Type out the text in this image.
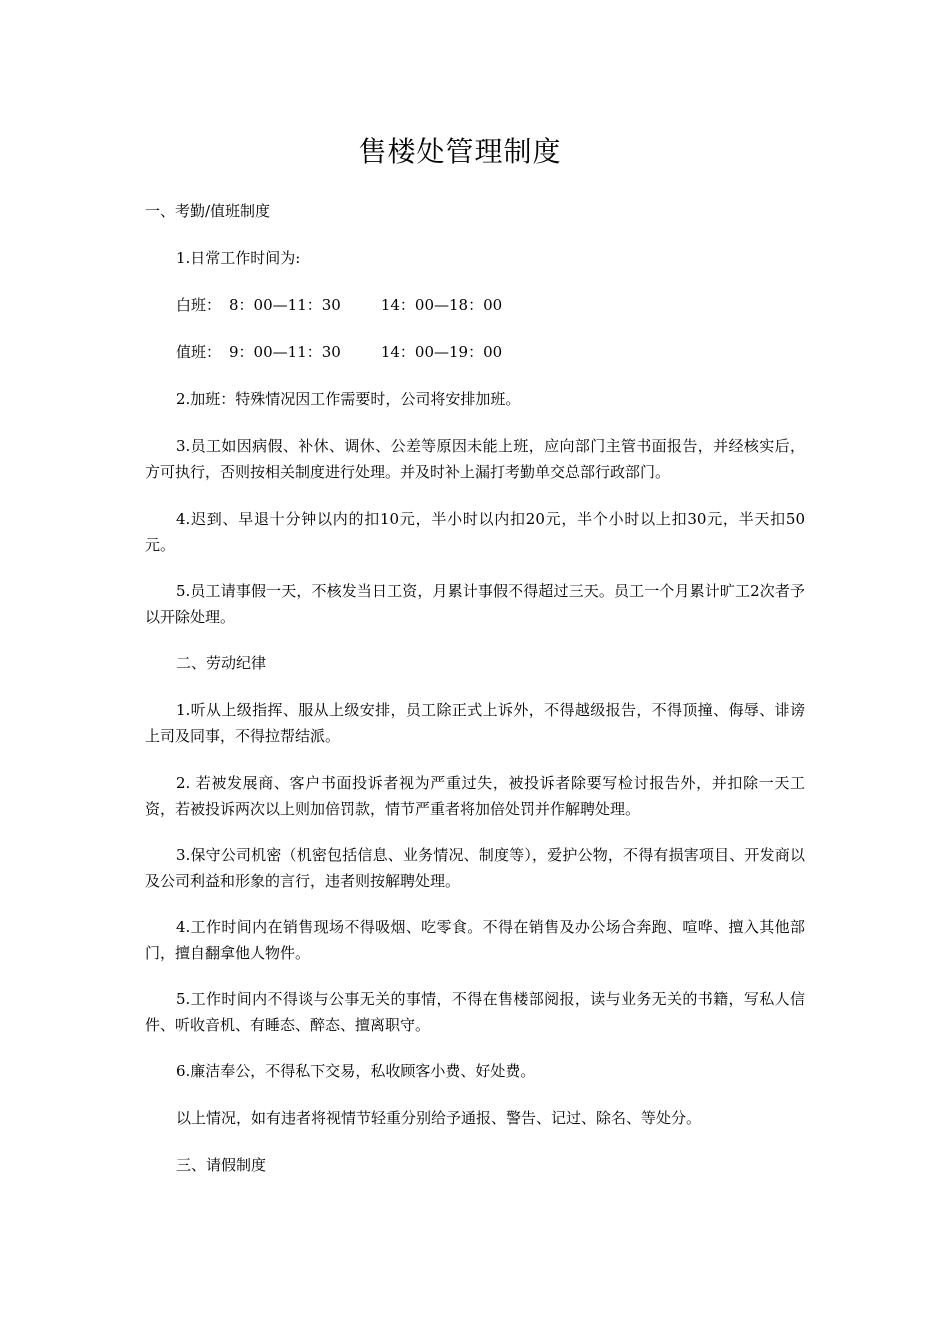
售楼处管理制度
一、考勤/值班制度
1.日常工作时间为:
白班： 8：00—11：30	14：00—18：00
值班： 9：00—11：30	14：00—19：00
2.加班：特殊情况因工作需要时，公司将安排加班。
3.员工如因病假、补休、调休、公差等原因未能上班，应向部门主管书面报告，并经核实后，方可执行，否则按相关制度进行处理。并及时补上漏打考勤单交总部行政部门。
4.迟到、早退十分钟以内的扣10元，半小时以内扣20元，半个小时以上扣30元，半天扣50元。
5.员工请事假一天，不核发当日工资，月累计事假不得超过三天。员工一个月累计旷工2次者予以开除处理。
二、劳动纪律
1.听从上级指挥、服从上级安排，员工除正式上诉外，不得越级报告，不得顶撞、侮辱、诽谤上司及同事，不得拉帮结派。
2. 若被发展商、客户书面投诉者视为严重过失，被投诉者除要写检讨报告外，并扣除一天工资，若被投诉两次以上则加倍罚款，情节严重者将加倍处罚并作解聘处理。
3.保守公司机密（机密包括信息、业务情况、制度等），爱护公物，不得有损害项目、开发商以及公司利益和形象的言行，违者则按解聘处理。
4.工作时间内在销售现场不得吸烟、吃零食。不得在销售及办公场合奔跑、喧哗、擅入其他部门，擅自翻拿他人物件。
5.工作时间内不得谈与公事无关的事情，不得在售楼部阅报，读与业务无关的书籍，写私人信件、听收音机、有睡态、醉态、擅离职守。
6.廉洁奉公，不得私下交易，私收顾客小费、好处费。
以上情况，如有违者将视情节轻重分别给予通报、警告、记过、除名、等处分。
三、请假制度
